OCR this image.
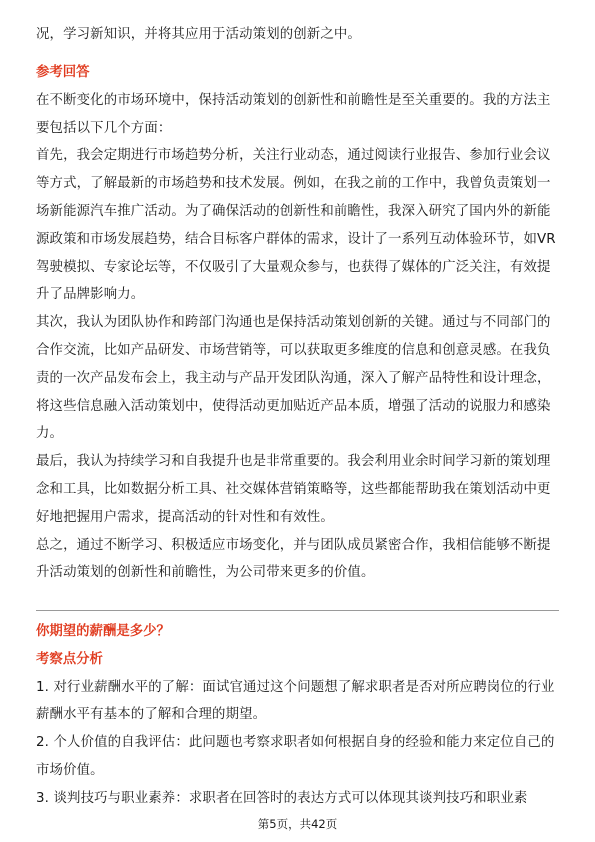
况，学习新知识，并将其应用于活动策划的创新之中。

参考回答

在不断变化的市场环境中，保持活动策划的创新性和前瞻性是至关重要的。我的方法主要包括以下几个方面：

首先，我会定期进行市场趋势分析，关注行业动态，通过阅读行业报告、参加行业会议等方式，了解最新的市场趋势和技术发展。例如，在我之前的工作中，我曾负责策划一场新能源汽车推广活动。为了确保活动的创新性和前瞻性，我深入研究了国内外的新能源政策和市场发展趋势，结合目标客户群体的需求，设计了一系列互动体验环节，如VR驾驶模拟、专家论坛等，不仅吸引了大量观众参与，也获得了媒体的广泛关注，有效提升了品牌影响力。

其次，我认为团队协作和跨部门沟通也是保持活动策划创新的关键。通过与不同部门的合作交流，比如产品研发、市场营销等，可以获取更多维度的信息和创意灵感。在我负责的一次产品发布会上，我主动与产品开发团队沟通，深入了解产品特性和设计理念，将这些信息融入活动策划中，使得活动更加贴近产品本质，增强了活动的说服力和感染力。

最后，我认为持续学习和自我提升也是非常重要的。我会利用业余时间学习新的策划理念和工具，比如数据分析工具、社交媒体营销策略等，这些都能帮助我在策划活动中更好地把握用户需求，提高活动的针对性和有效性。

总之，通过不断学习、积极适应市场变化，并与团队成员紧密合作，我相信能够不断提升活动策划的创新性和前瞻性，为公司带来更多的价值。

你期望的薪酬是多少？

考察点分析

1. 对行业薪酬水平的了解：面试官通过这个问题想了解求职者是否对所应聘岗位的行业薪酬水平有基本的了解和合理的期望。

2. 个人价值的自我评估：此问题也考察求职者如何根据自身的经验和能力来定位自己的市场价值。

3. 谈判技巧与职业素养：求职者在回答时的表达方式可以体现其谈判技巧和职业素

第5页，共42页
